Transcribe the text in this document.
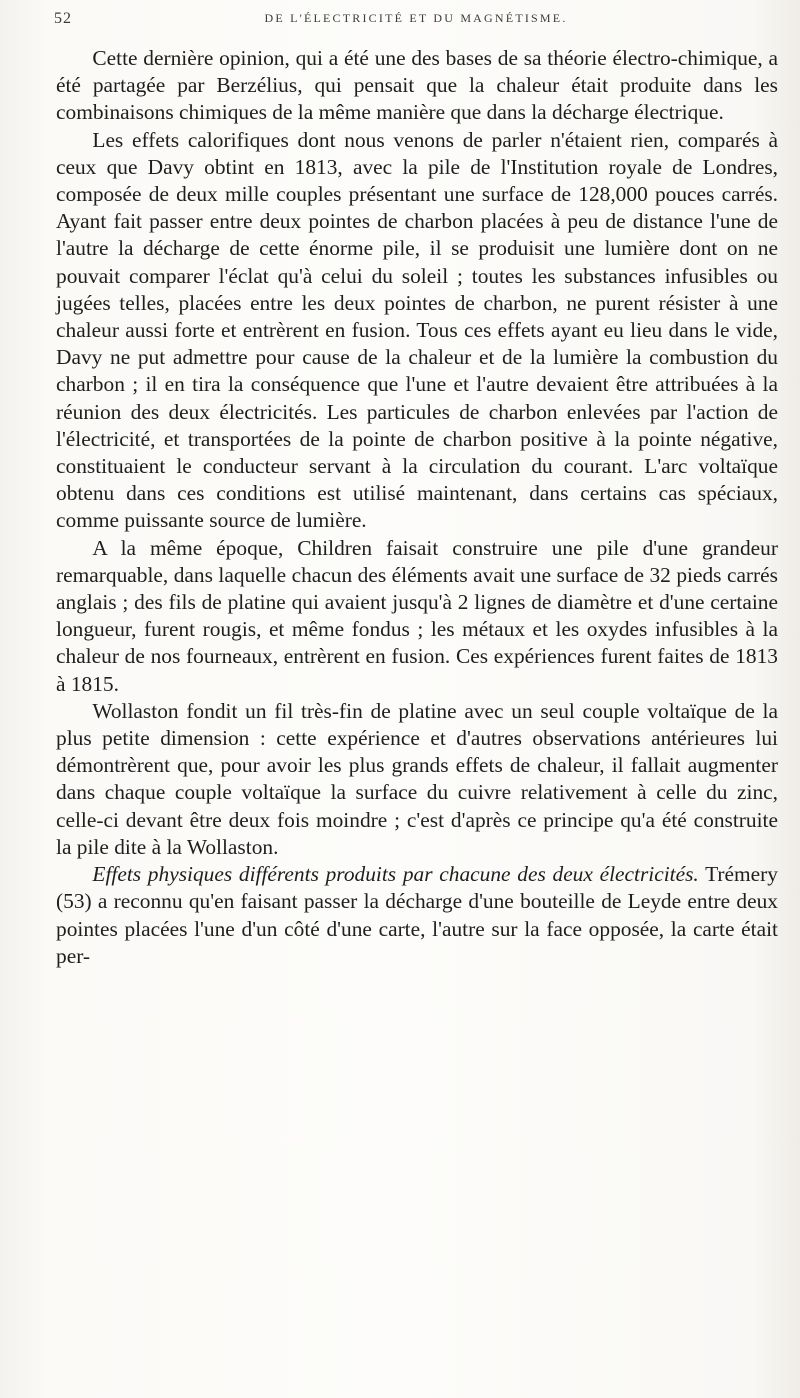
52	DE L'ÉLECTRICITÉ ET DU MAGNÉTISME.

Cette dernière opinion, qui a été une des bases de sa théorie électro-chimique, a été partagée par Berzélius, qui pensait que la chaleur était produite dans les combinaisons chimiques de la même manière que dans la décharge électrique.

Les effets calorifiques dont nous venons de parler n'étaient rien, comparés à ceux que Davy obtint en 1813, avec la pile de l'Institution royale de Londres, composée de deux mille couples présentant une surface de 128,000 pouces carrés. Ayant fait passer entre deux pointes de charbon placées à peu de distance l'une de l'autre la décharge de cette énorme pile, il se produisit une lumière dont on ne pouvait comparer l'éclat qu'à celui du soleil ; toutes les substances infusibles ou jugées telles, placées entre les deux pointes de charbon, ne purent résister à une chaleur aussi forte et entrèrent en fusion. Tous ces effets ayant eu lieu dans le vide, Davy ne put admettre pour cause de la chaleur et de la lumière la combustion du charbon ; il en tira la conséquence que l'une et l'autre devaient être attribuées à la réunion des deux électricités. Les particules de charbon enlevées par l'action de l'électricité, et transportées de la pointe de charbon positive à la pointe négative, constituaient le conducteur servant à la circulation du courant. L'arc voltaïque obtenu dans ces conditions est utilisé maintenant, dans certains cas spéciaux, comme puissante source de lumière.

A la même époque, Children faisait construire une pile d'une grandeur remarquable, dans laquelle chacun des éléments avait une surface de 32 pieds carrés anglais ; des fils de platine qui avaient jusqu'à 2 lignes de diamètre et d'une certaine longueur, furent rougis, et même fondus ; les métaux et les oxydes infusibles à la chaleur de nos fourneaux, entrèrent en fusion. Ces expériences furent faites de 1813 à 1815.

Wollaston fondit un fil très-fin de platine avec un seul couple voltaïque de la plus petite dimension : cette expérience et d'autres observations antérieures lui démontrèrent que, pour avoir les plus grands effets de chaleur, il fallait augmenter dans chaque couple voltaïque la surface du cuivre relativement à celle du zinc, celle-ci devant être deux fois moindre ; c'est d'après ce principe qu'a été construite la pile dite à la Wollaston.

Effets physiques différents produits par chacune des deux électricités. Trémery (53) a reconnu qu'en faisant passer la décharge d'une bouteille de Leyde entre deux pointes placées l'une d'un côté d'une carte, l'autre sur la face opposée, la carte était per-
